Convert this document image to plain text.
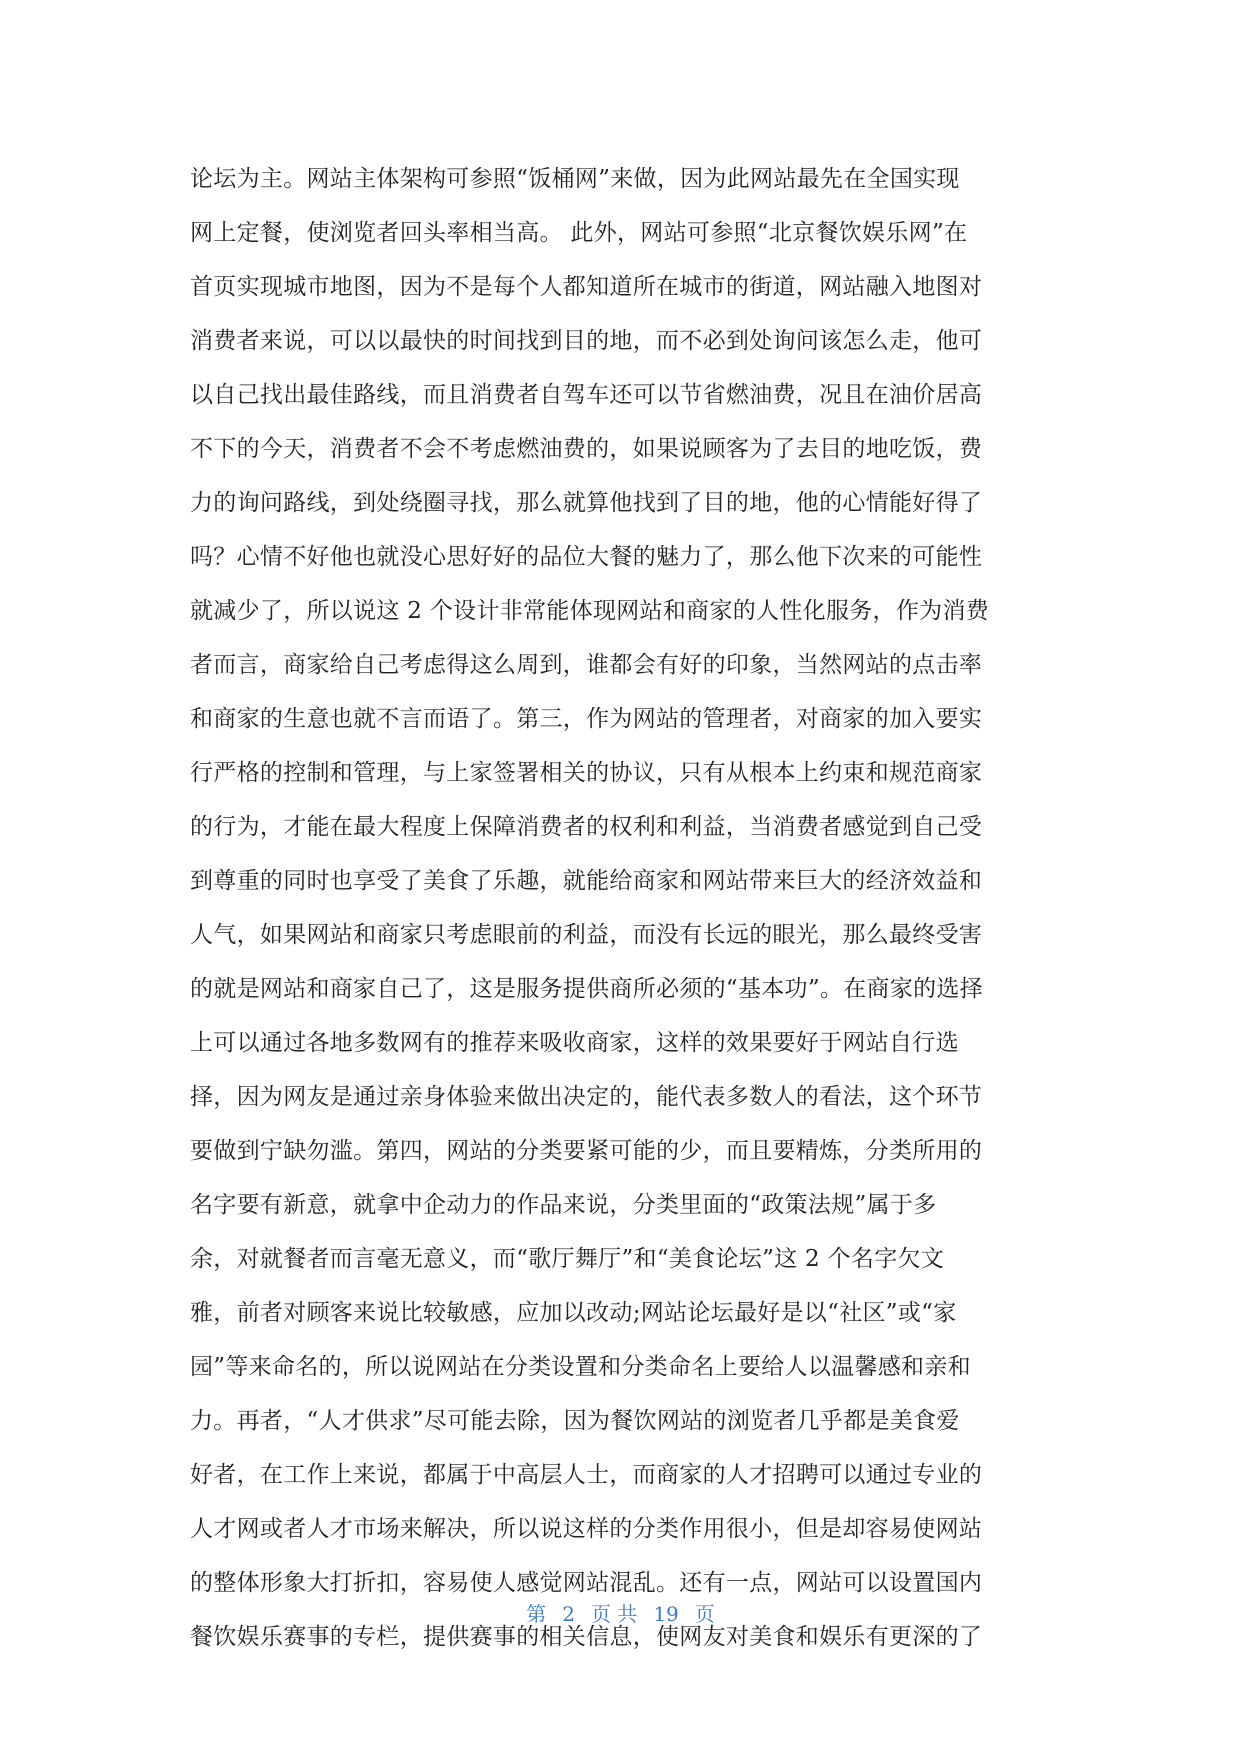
论坛为主。网站主体架构可参照“饭桶网”来做，因为此网站最先在全国实现
网上定餐，使浏览者回头率相当高。 此外，网站可参照“北京餐饮娱乐网”在
首页实现城市地图，因为不是每个人都知道所在城市的街道，网站融入地图对
消费者来说，可以以最快的时间找到目的地，而不必到处询问该怎么走，他可
以自己找出最佳路线，而且消费者自驾车还可以节省燃油费，况且在油价居高
不下的今天，消费者不会不考虑燃油费的，如果说顾客为了去目的地吃饭，费
力的询问路线，到处绕圈寻找，那么就算他找到了目的地，他的心情能好得了
吗？心情不好他也就没心思好好的品位大餐的魅力了，那么他下次来的可能性
就减少了，所以说这 2 个设计非常能体现网站和商家的人性化服务，作为消费
者而言，商家给自己考虑得这么周到，谁都会有好的印象，当然网站的点击率
和商家的生意也就不言而语了。第三，作为网站的管理者，对商家的加入要实
行严格的控制和管理，与上家签署相关的协议，只有从根本上约束和规范商家
的行为，才能在最大程度上保障消费者的权利和利益，当消费者感觉到自己受
到尊重的同时也享受了美食了乐趣，就能给商家和网站带来巨大的经济效益和
人气，如果网站和商家只考虑眼前的利益，而没有长远的眼光，那么最终受害
的就是网站和商家自己了，这是服务提供商所必须的“基本功”。在商家的选择
上可以通过各地多数网有的推荐来吸收商家，这样的效果要好于网站自行选
择，因为网友是通过亲身体验来做出决定的，能代表多数人的看法，这个环节
要做到宁缺勿滥。第四，网站的分类要紧可能的少，而且要精炼，分类所用的
名字要有新意，就拿中企动力的作品来说，分类里面的“政策法规”属于多
余，对就餐者而言毫无意义，而“歌厅舞厅”和“美食论坛”这 2 个名字欠文
雅，前者对顾客来说比较敏感，应加以改动;网站论坛最好是以“社区”或“家
园”等来命名的，所以说网站在分类设置和分类命名上要给人以温馨感和亲和
力。再者，“人才供求”尽可能去除，因为餐饮网站的浏览者几乎都是美食爱
好者，在工作上来说，都属于中高层人士，而商家的人才招聘可以通过专业的
人才网或者人才市场来解决，所以说这样的分类作用很小，但是却容易使网站
的整体形象大打折扣，容易使人感觉网站混乱。还有一点，网站可以设置国内
餐饮娱乐赛事的专栏，提供赛事的相关信息，使网友对美食和娱乐有更深的了
第 2 页 共 19 页
